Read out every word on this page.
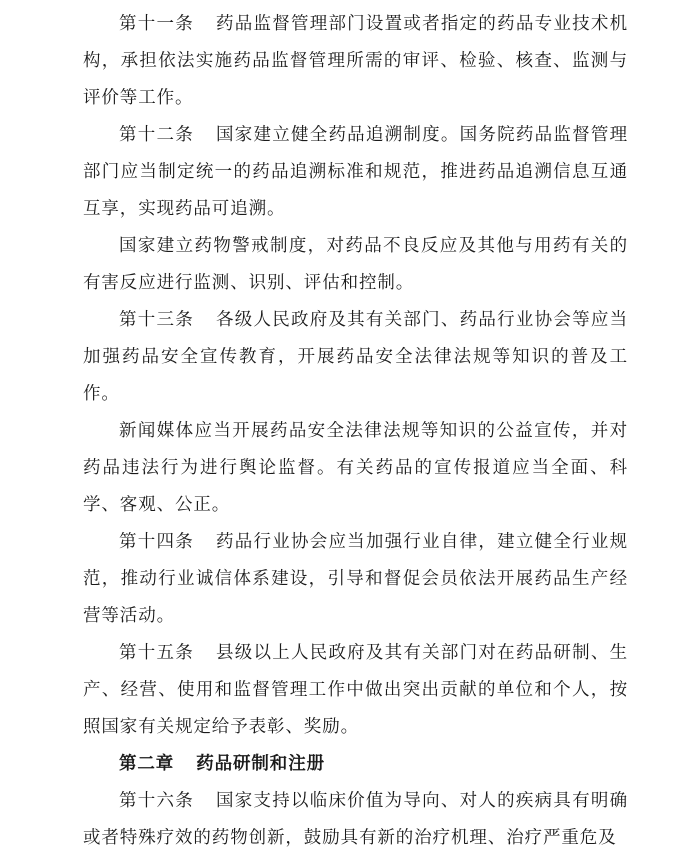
第十一条 药品监督管理部门设置或者指定的药品专业技术机构，承担依法实施药品监督管理所需的审评、检验、核查、监测与评价等工作。

第十二条 国家建立健全药品追溯制度。国务院药品监督管理部门应当制定统一的药品追溯标准和规范，推进药品追溯信息互通互享，实现药品可追溯。

国家建立药物警戒制度，对药品不良反应及其他与用药有关的有害反应进行监测、识别、评估和控制。

第十三条 各级人民政府及其有关部门、药品行业协会等应当加强药品安全宣传教育，开展药品安全法律法规等知识的普及工作。

新闻媒体应当开展药品安全法律法规等知识的公益宣传，并对药品违法行为进行舆论监督。有关药品的宣传报道应当全面、科学、客观、公正。

第十四条 药品行业协会应当加强行业自律，建立健全行业规范，推动行业诚信体系建设，引导和督促会员依法开展药品生产经营等活动。

第十五条 县级以上人民政府及其有关部门对在药品研制、生产、经营、使用和监督管理工作中做出突出贡献的单位和个人，按照国家有关规定给予表彰、奖励。

第二章 药品研制和注册

第十六条 国家支持以临床价值为导向、对人的疾病具有明确或者特殊疗效的药物创新，鼓励具有新的治疗机理、治疗严重危及
